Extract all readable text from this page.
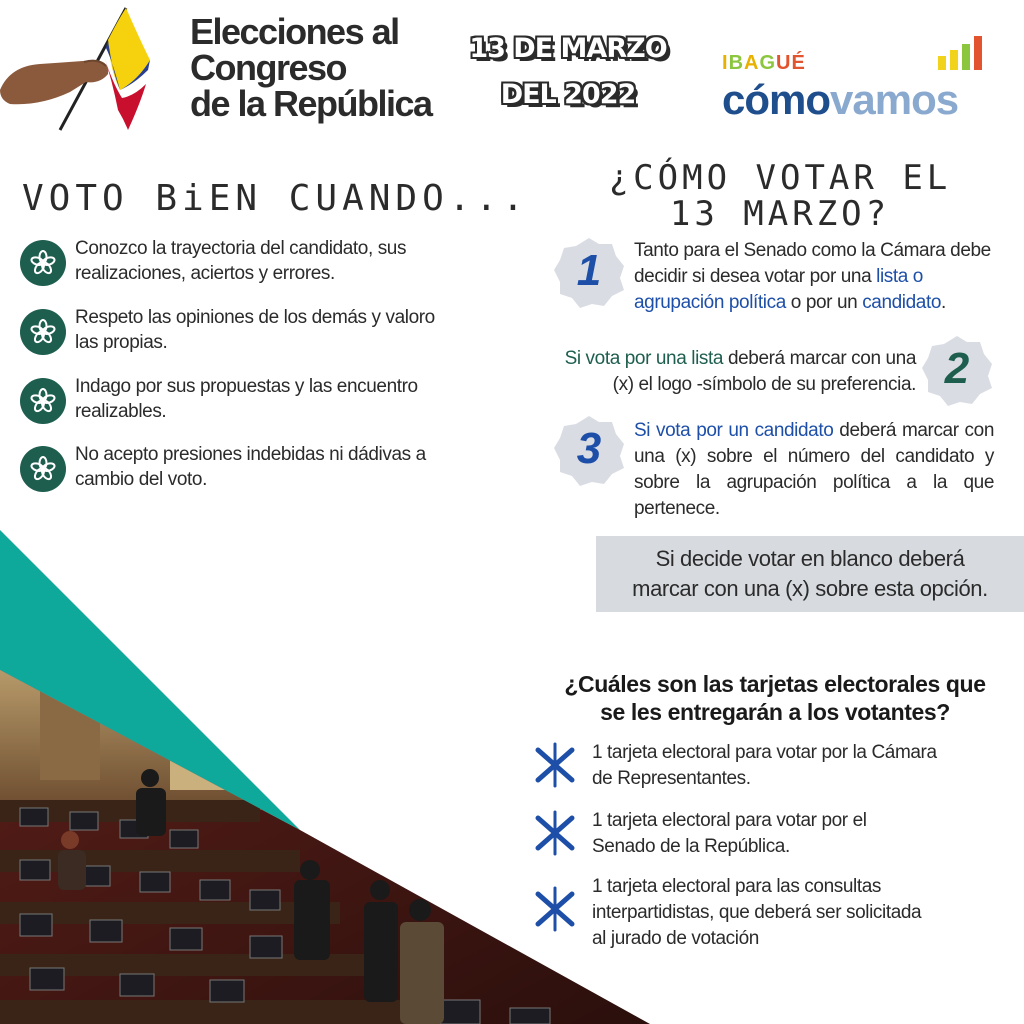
Elecciones al
Congreso
de la República
13 DE MARZO
DEL 2022
IBAGUÉ
cómovamos
VOTO BiEN CUANDO...
Conozco la trayectoria del candidato, sus realizaciones, aciertos y errores.
Respeto las opiniones de los demás y valoro las propias.
Indago por sus propuestas y las encuentro realizables.
No acepto presiones indebidas ni dádivas a cambio del voto.
¿CÓMO VOTAR EL
13 MARZO?
1	Tanto para el Senado como la Cámara debe decidir si desea votar por una lista o agrupación política o por un candidato.
Si vota por una lista deberá marcar con una (x) el logo -símbolo de su preferencia. 2
3	Si vota por un candidato deberá marcar con una (x) sobre el número del candidato y sobre la agrupación política a la que pertenece.
Si decide votar en blanco deberá
marcar con una (x) sobre esta opción.
¿Cuáles son las tarjetas electorales que
se les entregarán a los votantes?
1 tarjeta electoral para votar por la Cámara
de Representantes.
1 tarjeta electoral para votar por el
Senado de la República.
1 tarjeta electoral para las consultas
interpartidistas, que deberá ser solicitada
al jurado de votación
